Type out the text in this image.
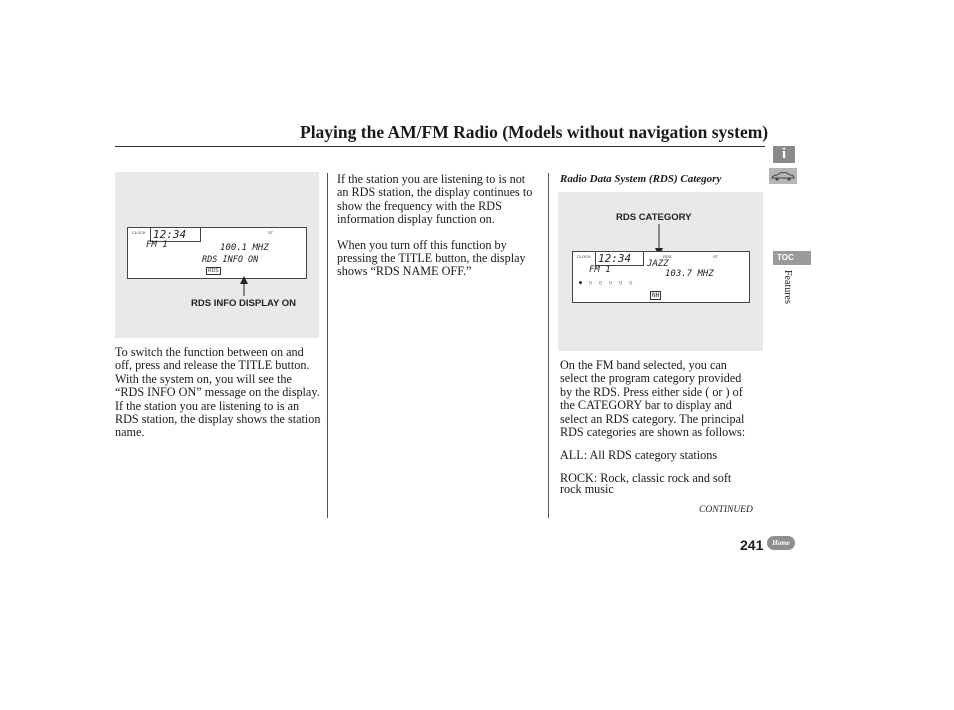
Playing the AM/FM Radio (Models without navigation system)
CLOCK 12:34	ST
FM 1	100.1 MHZ
RDS INFO ON
RDS
RDS INFO DISPLAY ON

To switch the function between on and off, press and release the TITLE button. With the system on, you will see the “RDS INFO ON” message on the display. If the station you are listening to is an RDS station, the display shows the station name.

If the station you are listening to is not an RDS station, the display continues to show the frequency with the RDS information display function on.

When you turn off this function by pressing the TITLE button, the display shows “RDS NAME OFF.”

Radio Data System (RDS) Category
RDS CATEGORY
CLOCK 12:34	RDS	ST
JAZZ
FM 1	103.7 MHZ
● ○ ○ ○ ○ ○
NH

On the FM band selected, you can select the program category provided by the RDS. Press either side ( or ) of the CATEGORY bar to display and select an RDS category. The principal RDS categories are shown as follows:

ALL: All RDS category stations

ROCK: Rock, classic rock and soft rock music

CONTINUED
241	Home
i
TOC
Features
